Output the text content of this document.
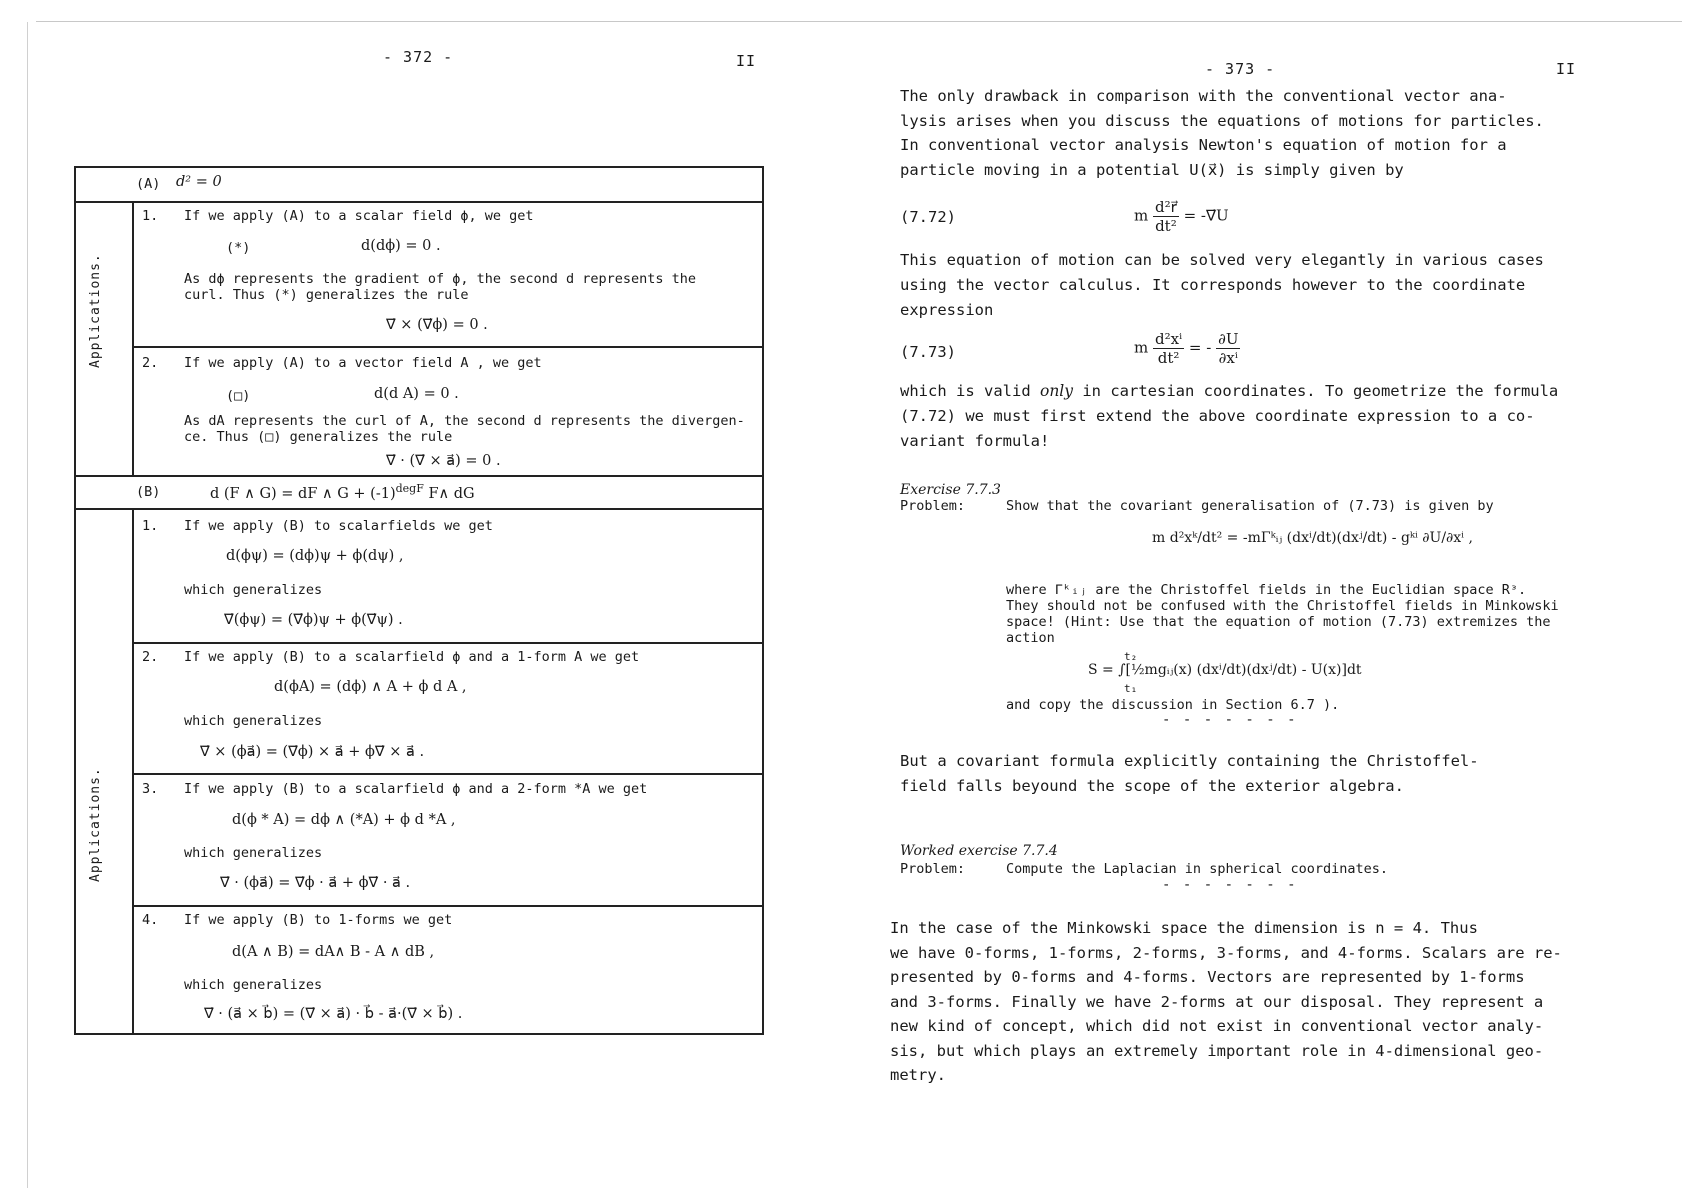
- 372 -	II
(A) d² = 0
Applications.
1. If we apply (A) to a scalar field ϕ, we get
(*)	d(dϕ) = 0 .
As dϕ represents the gradient of ϕ, the second d represents the
curl. Thus (*) generalizes the rule
∇⃗ × (∇⃗ϕ) = 0 .
2. If we apply (A) to a vector field A , we get
(□)	d(d A) = 0 .
As dA represents the curl of A, the second d represents the divergen-
ce. Thus (□) generalizes the rule
∇⃗ · (∇⃗ × a⃗) = 0 .
(B)	d (F ∧ G) = dF ∧ $G + (-1)^{degF}$ F∧ dG
Applications.
1. If we apply (B) to scalarfields we get
d(ϕψ) = (dϕ)ψ + ϕ(dψ) ,
which generalizes
∇⃗(ϕψ) = (∇⃗ϕ)ψ + ϕ(∇⃗ψ) .
2. If we apply (B) to a scalarfield ϕ and a 1-form A we get
d(ϕA) = (dϕ) ∧ A + ϕ d A ,
which generalizes
∇⃗ × (ϕa⃗) = (∇⃗ϕ) × a⃗ + ϕ∇⃗ × a⃗ .
3. If we apply (B) to a scalarfield ϕ and a 2-form *A we get
d(ϕ * A) = dϕ ∧ (*A) + ϕ d *A ,
which generalizes
∇⃗ · (ϕa⃗) = ∇⃗ϕ · a⃗ + ϕ∇⃗ · a⃗ .
4. If we apply (B) to 1-forms we get
d(A ∧ B) = dA∧ B - A ∧ dB ,
which generalizes
∇⃗ · (a⃗ × b⃗) = (∇⃗ × a⃗) · b⃗ - a⃗·(∇⃗ × b⃗) .
- 373 -	II
The only drawback in comparison with the conventional vector ana-
lysis arises when you discuss the equations of motions for particles.
In conventional vector analysis Newton's equation of motion for a
particle moving in a potential U(x⃗) is simply given by
(7.72)	m $\frac{\text{d²r⃗}}{\text{dt²}}$ = -∇⃗U
This equation of motion can be solved very elegantly in various cases
using the vector calculus. It corresponds however to the coordinate
expression
(7.73)	m $\frac{\text{d²xⁱ}}{\text{dt²}}$ = - $\frac{\partial U}{\text{∂xⁱ}}$
which is valid only in cartesian coordinates. To geometrize the formula
(7.72) we must first extend the above coordinate expression to a co-
variant formula!
Exercise 7.7.3
Problem:	Show that the covariant generalisation of (7.73) is given by
m d²xᵏ/dt² = -mΓᵏᵢⱼ (dxⁱ/dt)(dxʲ/dt) - gᵏⁱ ∂U/∂xⁱ ,
where Γᵏᵢⱼ are the Christoffel fields in the Euclidian space Rᵌ.
They should not be confused with the Christoffel fields in Minkowski
space! (Hint: Use that the equation of motion (7.73) extremizes the
action
t₂
S = ∫[½mgᵢⱼ(x) (dxⁱ/dt)(dxʲ/dt) - U(x)]dt
t₁
and copy the discussion in Section 6.7 ).
- - - - - - -
But a covariant formula explicitly containing the Christoffel-
field falls beyound the scope of the exterior algebra.
Worked exercise 7.7.4
Problem:	Compute the Laplacian in spherical coordinates.
- - - - - - -
In the case of the Minkowski space the dimension is n = 4. Thus
we have 0-forms, 1-forms, 2-forms, 3-forms, and 4-forms. Scalars are re-
presented by 0-forms and 4-forms. Vectors are represented by 1-forms
and 3-forms. Finally we have 2-forms at our disposal. They represent a
new kind of concept, which did not exist in conventional vector analy-
sis, but which plays an extremely important role in 4-dimensional geo-
metry.
